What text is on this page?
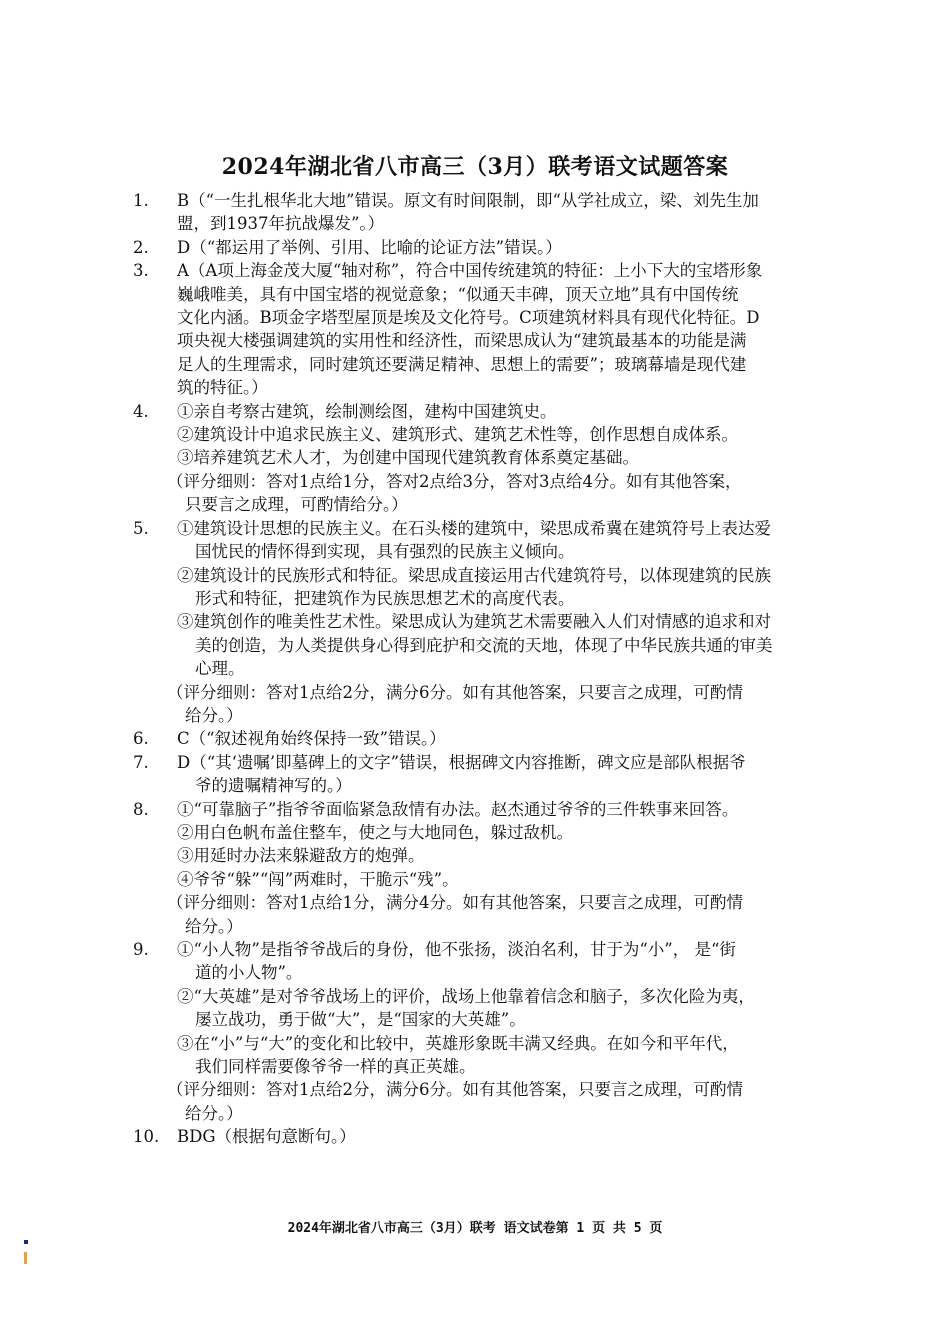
2024年湖北省八市高三（3月）联考语文试题答案
1.	B（“一生扎根华北大地”错误。原文有时间限制，即“从学社成立，梁、刘先生加
盟，到1937年抗战爆发”。）
2.	D（“都运用了举例、引用、比喻的论证方法”错误。）
3.	A（A项上海金茂大厦“轴对称”，符合中国传统建筑的特征：上小下大的宝塔形象
巍峨唯美，具有中国宝塔的视觉意象；“似通天丰碑，顶天立地”具有中国传统
文化内涵。B项金字塔型屋顶是埃及文化符号。C项建筑材料具有现代化特征。D
项央视大楼强调建筑的实用性和经济性，而梁思成认为“建筑最基本的功能是满
足人的生理需求，同时建筑还要满足精神、思想上的需要”；玻璃幕墙是现代建
筑的特征。）
4.	①亲自考察古建筑，绘制测绘图，建构中国建筑史。
②建筑设计中追求民族主义、建筑形式、建筑艺术性等，创作思想自成体系。
③培养建筑艺术人才，为创建中国现代建筑教育体系奠定基础。
（评分细则：答对1点给1分，答对2点给3分，答对3点给4分。如有其他答案，
只要言之成理，可酌情给分。）
5.	①建筑设计思想的民族主义。在石头楼的建筑中，梁思成希冀在建筑符号上表达爱
国忧民的情怀得到实现，具有强烈的民族主义倾向。
②建筑设计的民族形式和特征。梁思成直接运用古代建筑符号，以体现建筑的民族
形式和特征，把建筑作为民族思想艺术的高度代表。
③建筑创作的唯美性艺术性。梁思成认为建筑艺术需要融入人们对情感的追求和对
美的创造，为人类提供身心得到庇护和交流的天地，体现了中华民族共通的审美
心理。
（评分细则：答对1点给2分，满分6分。如有其他答案，只要言之成理，可酌情
给分。）
6.	C（“叙述视角始终保持一致”错误。）
7.	D（“其‘遗嘱’即墓碑上的文字”错误，根据碑文内容推断，碑文应是部队根据爷
爷的遗嘱精神写的。）
8.	①“可靠脑子”指爷爷面临紧急敌情有办法。赵杰通过爷爷的三件轶事来回答。
②用白色帆布盖住整车，使之与大地同色，躲过敌机。
③用延时办法来躲避敌方的炮弹。
④爷爷“躲”“闯”两难时，干脆示“残”。
（评分细则：答对1点给1分，满分4分。如有其他答案，只要言之成理，可酌情
给分。）
9.	①“小人物”是指爷爷战后的身份，他不张扬，淡泊名利，甘于为“小”， 是“街
道的小人物”。
②“大英雄”是对爷爷战场上的评价，战场上他靠着信念和脑子，多次化险为夷，
屡立战功，勇于做“大”，是“国家的大英雄”。
③在“小”与“大”的变化和比较中，英雄形象既丰满又经典。在如今和平年代，
我们同样需要像爷爷一样的真正英雄。
（评分细则：答对1点给2分，满分6分。如有其他答案，只要言之成理，可酌情
给分。）
10.	BDG（根据句意断句。）
2024年湖北省八市高三（3月）联考 语文试卷第 1 页 共 5 页
